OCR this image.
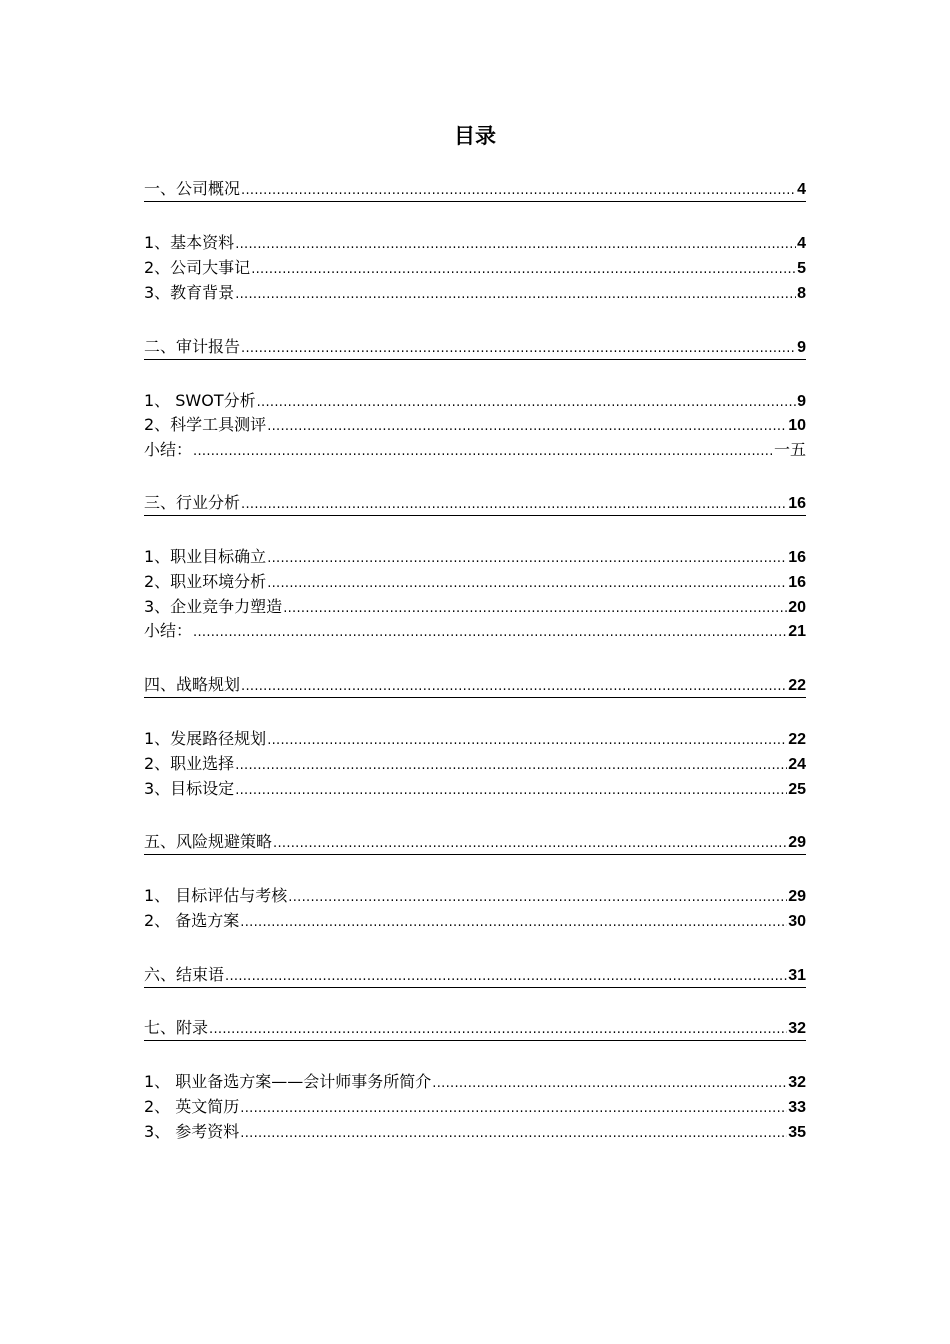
目录
一、公司概况 .....	4
1、基本资料 .....	4
2、公司大事记 .....	5
3、教育背景 .....	8
二、审计报告 .....	9
1、 SWOT分析 .....	9
2、科学工具测评 .....	10
小结： .....	一五
三、行业分析 .....	16
1、职业目标确立 .....	16
2、职业环境分析 .....	16
3、企业竞争力塑造 .....	20
小结： .....	21
四、战略规划 .....	22
1、发展路径规划 .....	22
2、职业选择 .....	24
3、目标设定 .....	25
五、风险规避策略 .....	29
1、 目标评估与考核 .....	29
2、 备选方案 .....	30
六、结束语 .....	31
七、附录 .....	32
1、 职业备选方案——会计师事务所简介 .....	32
2、 英文简历 .....	33
3、 参考资料 .....	35
